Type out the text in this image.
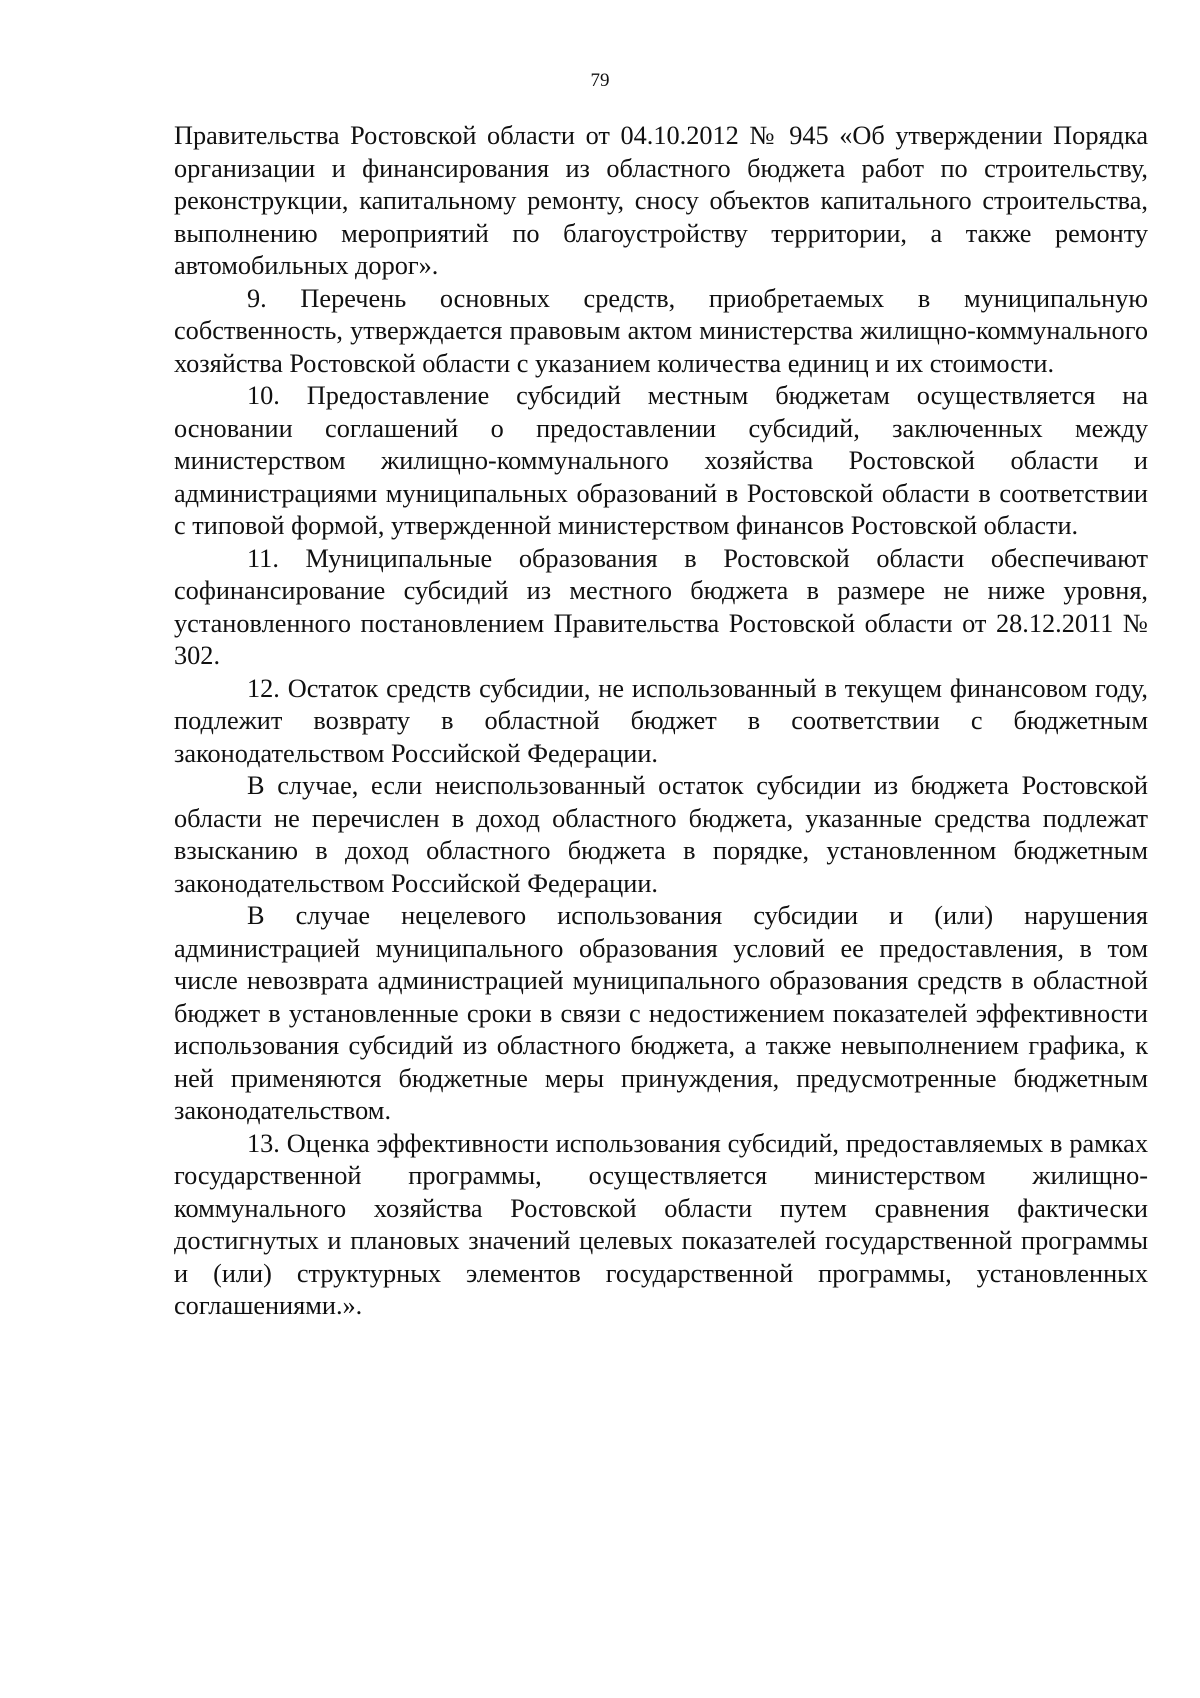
79

Правительства Ростовской области от 04.10.2012 № 945 «Об утверждении Порядка организации и финансирования из областного бюджета работ по строительству, реконструкции, капитальному ремонту, сносу объектов капитального строительства, выполнению мероприятий по благоустройству территории, а также ремонту автомобильных дорог».

9. Перечень основных средств, приобретаемых в муниципальную собственность, утверждается правовым актом министерства жилищно-коммунального хозяйства Ростовской области с указанием количества единиц и их стоимости.

10. Предоставление субсидий местным бюджетам осуществляется на основании соглашений о предоставлении субсидий, заключенных между министерством жилищно-коммунального хозяйства Ростовской области и администрациями муниципальных образований в Ростовской области в соответствии с типовой формой, утвержденной министерством финансов Ростовской области.

11. Муниципальные образования в Ростовской области обеспечивают софинансирование субсидий из местного бюджета в размере не ниже уровня, установленного постановлением Правительства Ростовской области от 28.12.2011 № 302.

12. Остаток средств субсидии, не использованный в текущем финансовом году, подлежит возврату в областной бюджет в соответствии с бюджетным законодательством Российской Федерации.

В случае, если неиспользованный остаток субсидии из бюджета Ростовской области не перечислен в доход областного бюджета, указанные средства подлежат взысканию в доход областного бюджета в порядке, установленном бюджетным законодательством Российской Федерации.

В случае нецелевого использования субсидии и (или) нарушения администрацией муниципального образования условий ее предоставления, в том числе невозврата администрацией муниципального образования средств в областной бюджет в установленные сроки в связи с недостижением показателей эффективности использования субсидий из областного бюджета, а также невыполнением графика, к ней применяются бюджетные меры принуждения, предусмотренные бюджетным законодательством.

13. Оценка эффективности использования субсидий, предоставляемых в рамках государственной программы, осуществляется министерством жилищно-коммунального хозяйства Ростовской области путем сравнения фактически достигнутых и плановых значений целевых показателей государственной программы и (или) структурных элементов государственной программы, установленных соглашениями.».
